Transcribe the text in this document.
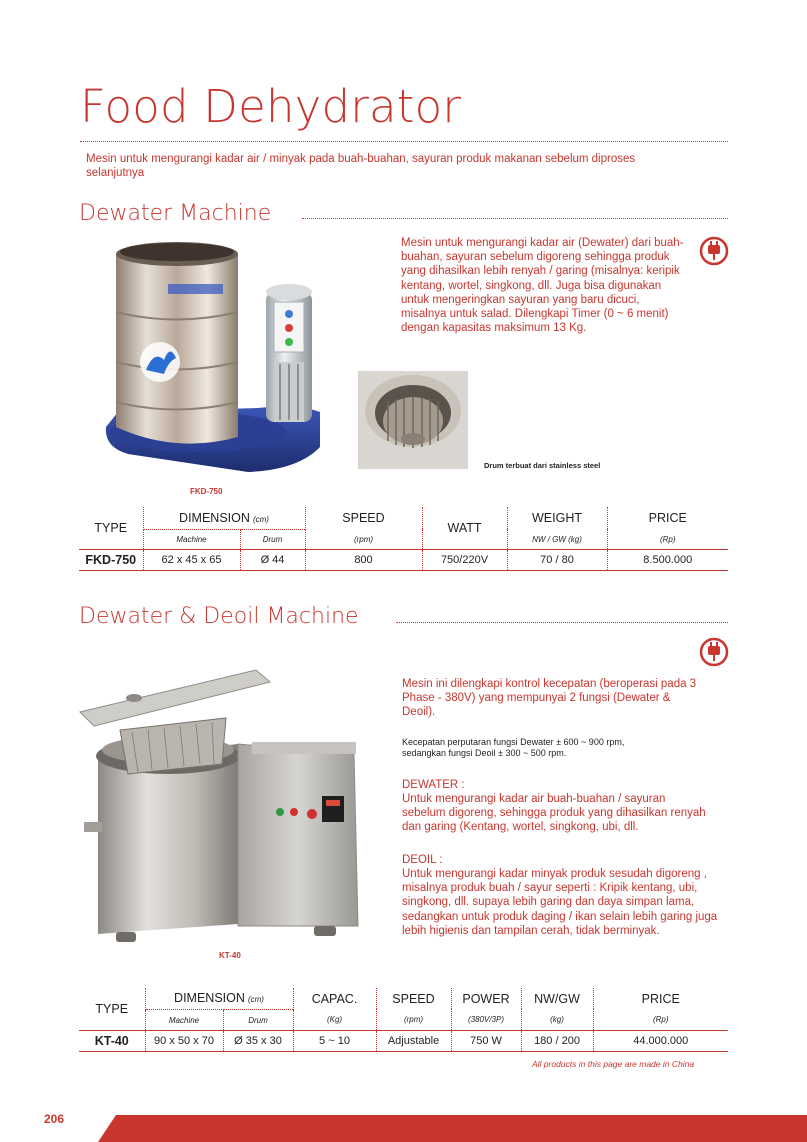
Food Dehydrator

Mesin untuk mengurangi kadar air / minyak pada buah-buahan, sayuran produk makanan sebelum diproses selanjutnya

Dewater Machine
FKD-750

Mesin untuk mengurangi kadar air (Dewater) dari buah-buahan, sayuran sebelum digoreng sehingga produk yang dihasilkan lebih renyah / garing (misalnya: keripik kentang, wortel, singkong, dll. Juga bisa digunakan untuk mengeringkan sayuran yang baru dicuci, misalnya untuk salad. Dilengkapi Timer (0 ~ 6 menit) dengan kapasitas maksimum 13 Kg.

Drum terbuat dari stainless steel
TYPE	DIMENSION (cm)		SPEED	WATT	WEIGHT	PRICE
	Machine	Drum	(rpm)		NW / GW (kg)	(Rp)
FKD-750	62 x 45 x 65	Ø 44	800	750/220V	70 / 80	8.500.000
Dewater & Deoil Machine
KT-40

Mesin ini dilengkapi kontrol kecepatan (beroperasi pada 3 Phase - 380V) yang mempunyai 2 fungsi (Dewater & Deoil).

Kecepatan perputaran fungsi Dewater ± 600 ~ 900 rpm,

sedangkan fungsi Deoil ± 300 ~ 500 rpm.

DEWATER :

Untuk mengurangi kadar air buah-buahan / sayuran sebelum digoreng, sehingga produk yang dihasilkan renyah dan garing (Kentang, wortel, singkong, ubi, dll.

DEOIL :

Untuk mengurangi kadar minyak produk sesudah digoreng , misalnya produk buah / sayur seperti : Kripik kentang, ubi, singkong, dll. supaya lebih garing dan daya simpan lama, sedangkan untuk produk daging / ikan selain lebih garing juga lebih higienis dan tampilan cerah, tidak berminyak.

TYPE	DIMENSION (cm)		CAPAC.	SPEED	POWER	NW/GW	PRICE
	Machine	Drum	(Kg)	(rpm)	(380V/3P)	(kg)	(Rp)
KT-40	90 x 50 x 70	Ø 35 x 30	5 ~ 10	Adjustable	750 W	180 / 200	44.000.000
All products in this page are made in China
206
